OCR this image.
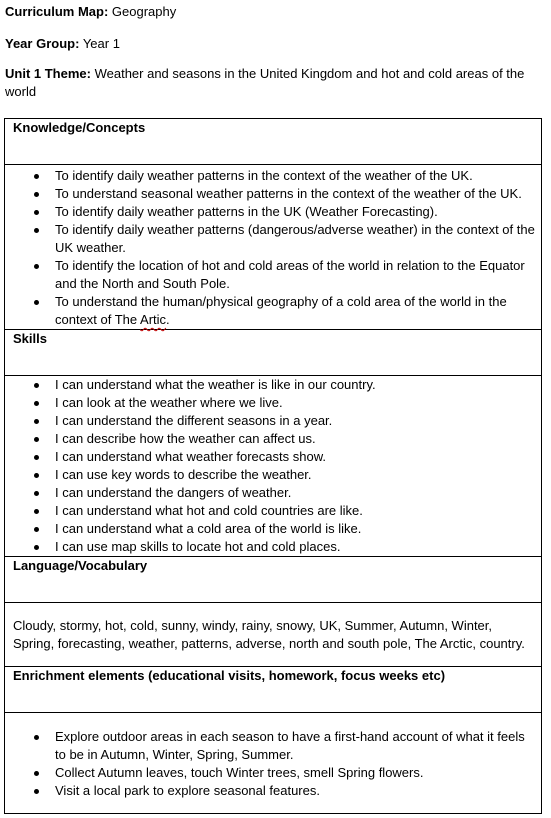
Curriculum Map: Geography
Year Group: Year 1
Unit 1 Theme: Weather and seasons in the United Kingdom and hot and cold areas of the world
Knowledge/Concepts

To identify daily weather patterns in the context of the weather of the UK.
To understand seasonal weather patterns in the context of the weather of the UK.
To identify daily weather patterns in the UK (Weather Forecasting).
To identify daily weather patterns (dangerous/adverse weather) in the context of the UK weather.
To identify the location of hot and cold areas of the world in relation to the Equator and the North and South Pole.
To understand the human/physical geography of a cold area of the world in the context of The Artic.

Skills

I can understand what the weather is like in our country.
I can look at the weather where we live.
I can understand the different seasons in a year.
I can describe how the weather can affect us.
I can understand what weather forecasts show.
I can use key words to describe the weather.
I can understand the dangers of weather.
I can understand what hot and cold countries are like.
I can understand what a cold area of the world is like.
I can use map skills to locate hot and cold places.

Language/Vocabulary
Cloudy, stormy, hot, cold, sunny, windy, rainy, snowy, UK, Summer, Autumn, Winter, Spring, forecasting, weather, patterns, adverse, north and south pole, The Arctic, country.
Enrichment elements (educational visits, homework, focus weeks etc)

Explore outdoor areas in each season to have a first-hand account of what it feels to be in Autumn, Winter, Spring, Summer.
Collect Autumn leaves, touch Winter trees, smell Spring flowers.
Visit a local park to explore seasonal features.
